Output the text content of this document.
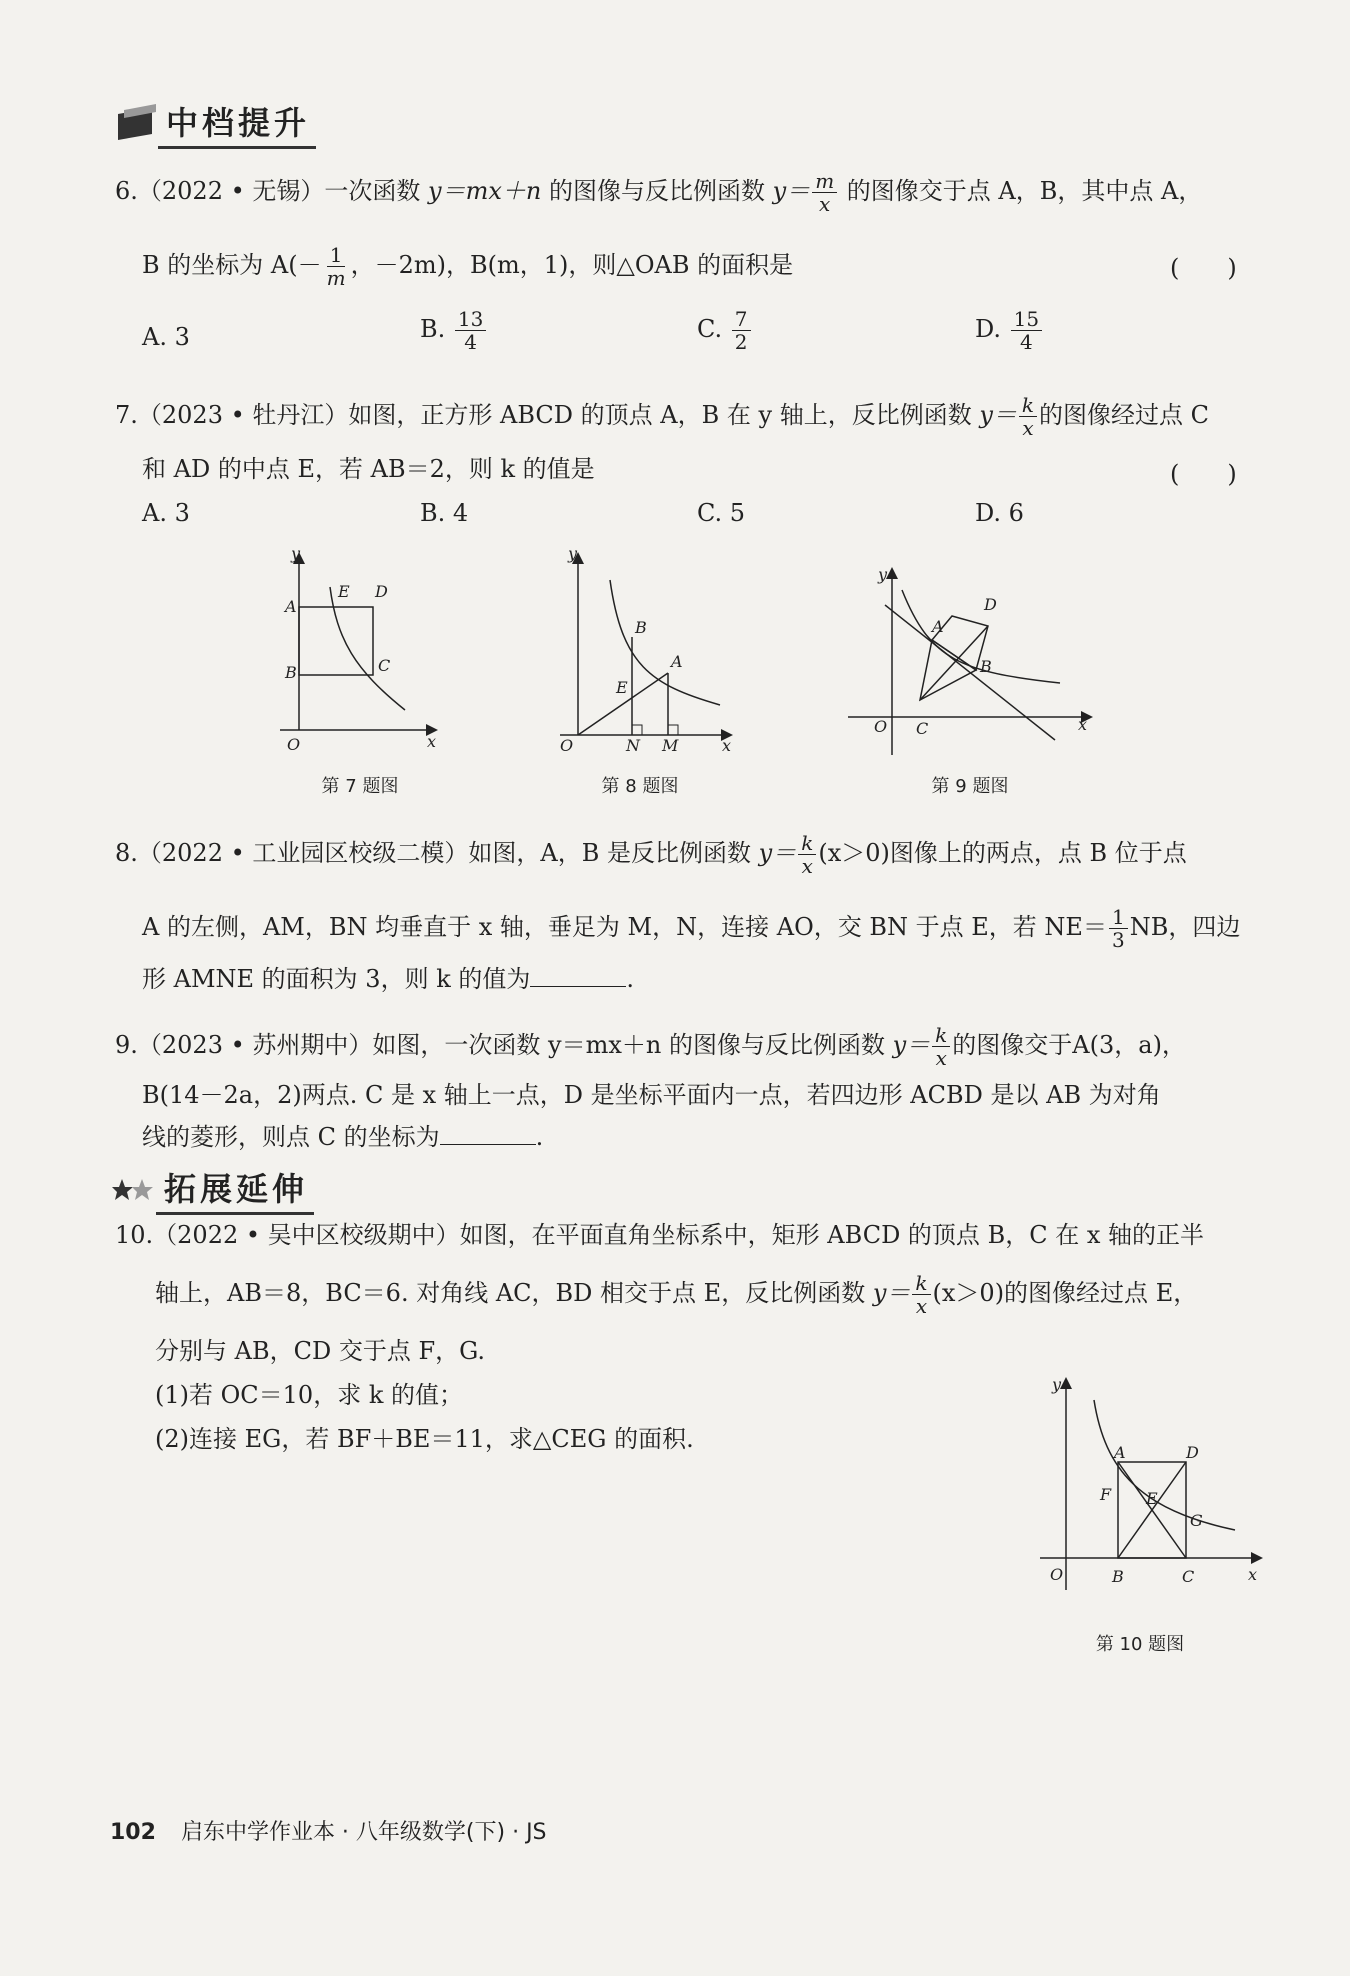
中档提升
6.（2022 • 无锡）一次函数 y＝mx＋n 的图像与反比例函数 $y= \frac{m}{x}$ 的图像交于点 A，B，其中点 A，
B 的坐标为 $A(- \frac{1}{m}$ ，－2m)，B(m，1)，则△OAB 的面积是	(　　)
A. 3	B. $\frac{13}{4}$	C. $\frac{7}{2}$	D. $\frac{15}{4}$
7.（2023 • 牡丹江）如图，正方形 ABCD 的顶点 A，B 在 y 轴上，反比例函数 $y= \frac{k}{x}$ 的图像经过点 C
和 AD 的中点 E，若 AB＝2，则 k 的值是	(　　)
A. 3	B. 4	C. 5	D. 6
y
x
O
A
B	C
D
E
第 7 题图
y
x
O
A
B
E
N M
第 8 题图
y
x
O
A
B
C
D
第 9 题图
8.（2022 • 工业园区校级二模）如图，A，B 是反比例函数 $y= \frac{k}{x} (x>0)$图像上的两点，点 B 位于点
A 的左侧，AM，BN 均垂直于 x 轴，垂足为 M，N，连接 AO，交 BN 于点 E，若 $NE= \frac{1}{3}$ NB，四边
形 AMNE 的面积为 3，则 k 的值为	.
9.（2023 • 苏州期中）如图，一次函数 y＝mx＋n 的图像与反比例函数 $y= \frac{k}{x}$ 的图像交于A(3，a)，
B(14－2a，2)两点. C 是 x 轴上一点，D 是坐标平面内一点，若四边形 ACBD 是以 AB 为对角
线的菱形，则点 C 的坐标为	.
拓展延伸
10.（2022 • 吴中区校级期中）如图，在平面直角坐标系中，矩形 ABCD 的顶点 B，C 在 x 轴的正半
轴上，AB＝8，BC＝6. 对角线 AC，BD 相交于点 E，反比例函数 $y= \frac{k}{x} (x>0)$的图像经过点 E，
分别与 AB，CD 交于点 F，G.
(1)若 OC＝10，求 k 的值；
(2)连接 EG，若 BF＋BE＝11，求△CEG 的面积.
y
x
O
A
B	C
D
E
F
G
第 10 题图
102 启东中学作业本 · 八年级数学(下) · JS
